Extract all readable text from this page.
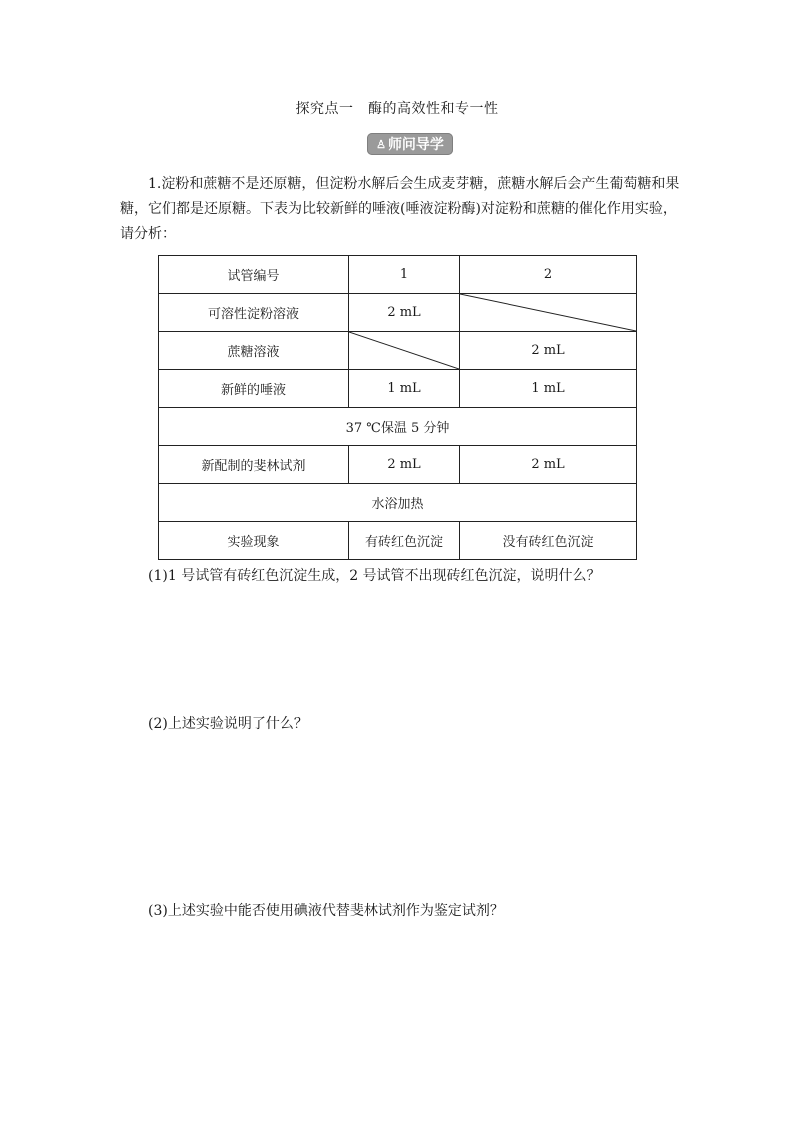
探究点一　酶的高效性和专一性
♙ 师问导学

1.淀粉和蔗糖不是还原糖，但淀粉水解后会生成麦芽糖，蔗糖水解后会产生葡萄糖和果糖，它们都是还原糖。下表为比较新鲜的唾液(唾液淀粉酶)对淀粉和蔗糖的催化作用实验，请分析：

试管编号	1	2
可溶性淀粉溶液	2 mL	

蔗糖溶液		2 mL
新鲜的唾液	1 mL	1 mL
37 ℃保温 5 分钟		
新配制的斐林试剂	2 mL	2 mL
水浴加热		
实验现象	有砖红色沉淀	没有砖红色沉淀
(1)1 号试管有砖红色沉淀生成，2 号试管不出现砖红色沉淀，说明什么？
(2)上述实验说明了什么？
(3)上述实验中能否使用碘液代替斐林试剂作为鉴定试剂？
